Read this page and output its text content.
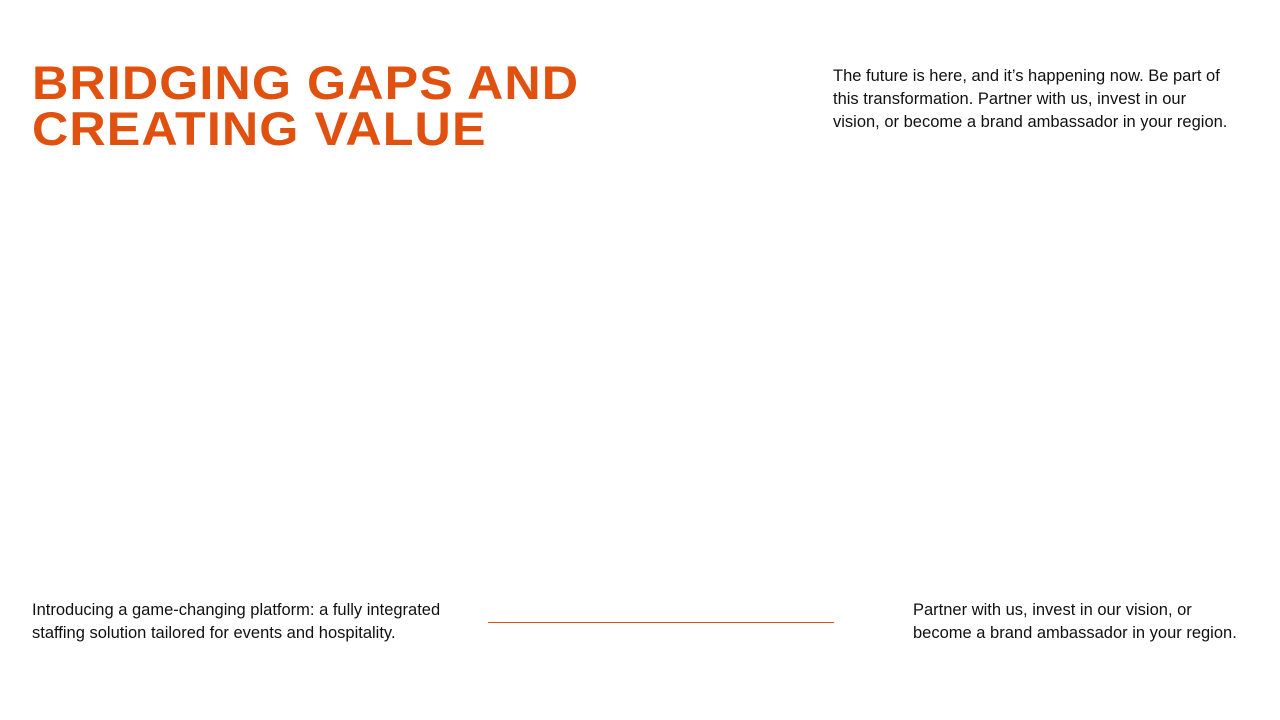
BRIDGING GAPS AND
CREATING VALUE

The future is here, and it’s happening now. Be part of
this transformation. Partner with us, invest in our
vision, or become a brand ambassador in your region.

Introducing a game-changing platform: a fully integrated
staffing solution tailored for events and hospitality.

Partner with us, invest in our vision, or
become a brand ambassador in your region.
